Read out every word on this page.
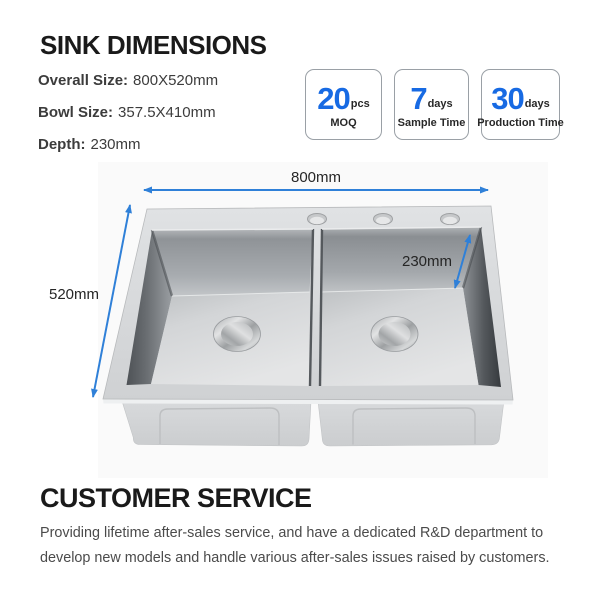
SINK DIMENSIONS
Overall Size: 800X520mm
Bowl Size: 357.5X410mm
Depth: 230mm
20 pcs
MOQ
7 days
Sample Time
30 days
Production Time
800mm
520mm
230mm
CUSTOMER SERVICE
Providing lifetime after-sales service, and have a dedicated R&D department to develop new models and handle various after-sales issues raised by customers.
